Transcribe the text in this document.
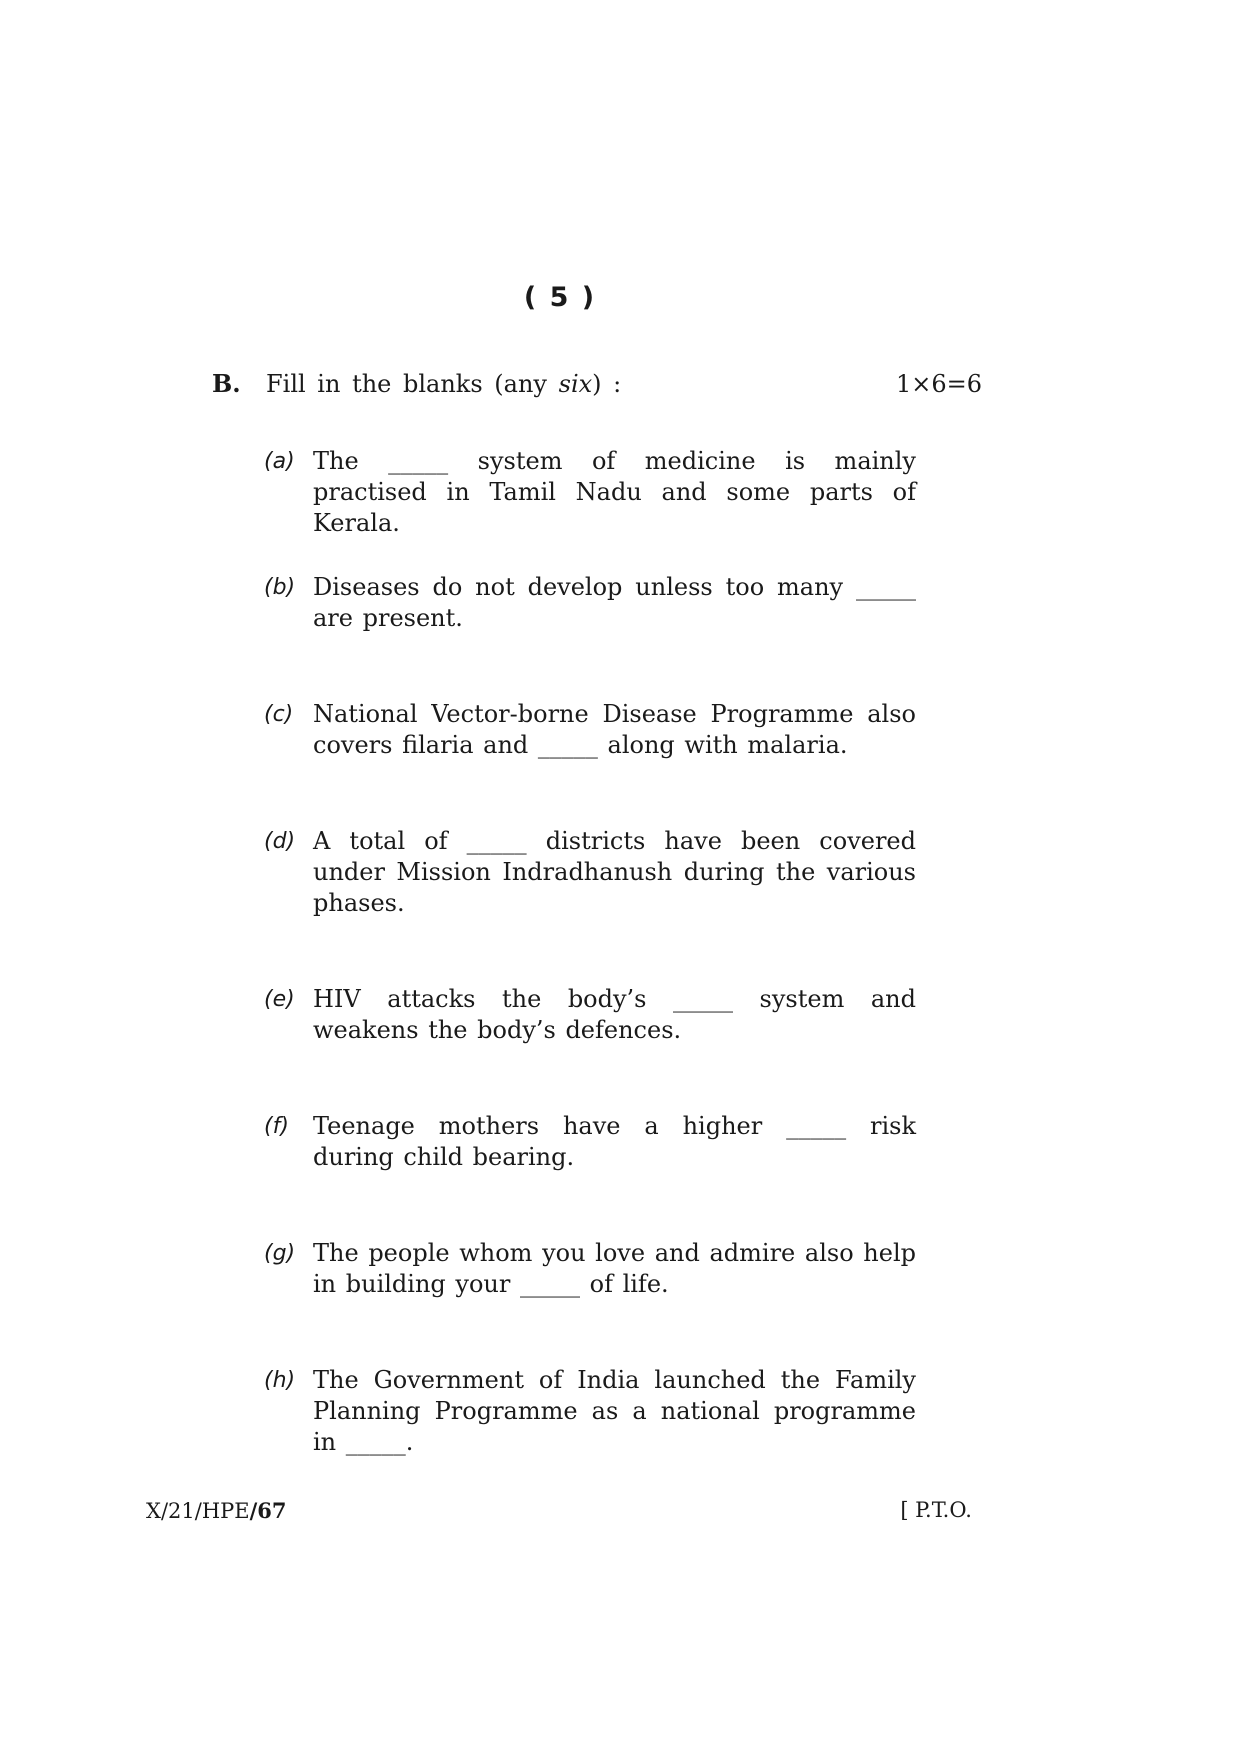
( 5 )
B. Fill in the blanks (any six) :	1×6=6
(a) The _____ system of medicine is mainly practised in Tamil Nadu and some parts of Kerala.
(b) Diseases do not develop unless too many _____ are present.
(c) National Vector-borne Disease Programme also covers filaria and _____ along with malaria.
(d) A total of _____ districts have been covered under Mission Indradhanush during the various phases.
(e) HIV attacks the body’s _____ system and weakens the body’s defences.
(f) Teenage mothers have a higher _____ risk during child bearing.
(g) The people whom you love and admire also help in building your _____ of life.
(h) The Government of India launched the Family Planning Programme as a national programme in _____.
X/21/HPE/67	[ P.T.O.
